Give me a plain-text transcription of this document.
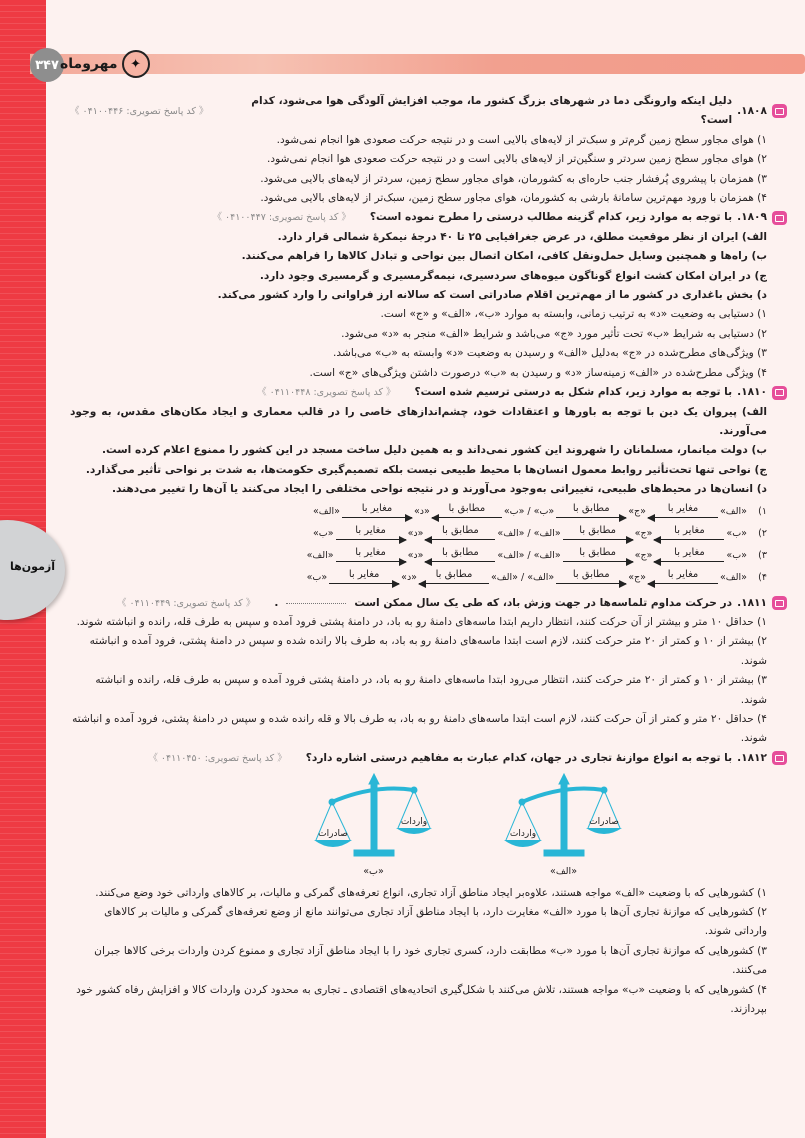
۳۴۷	✦
مهروماه
آزمون‌ها
۱۸۰۸.
دلیل اینکه وارونگی دما در شهرهای بزرگ کشور ما، موجب افزایش آلودگی هوا می‌شود، کدام است؟
《 کد پاسخ تصویری: ۰۴۱۰۰۴۴۶ 》
۱) هوای مجاور سطح زمین گرم‌تر و سبک‌تر از لایه‌های بالایی است و در نتیجه حرکت صعودی هوا انجام نمی‌شود.
۲) هوای مجاور سطح زمین سردتر و سنگین‌تر از لایه‌های بالایی است و در نتیجه حرکت صعودی هوا انجام نمی‌شود.
۳) همزمان با پیشروی پُرفشار جنب حاره‌ای به کشورمان، هوای مجاور سطح زمین، سردتر از لایه‌های بالایی می‌شود.
۴) همزمان با ورود مهم‌ترین سامانهٔ بارشی به کشورمان، هوای مجاور سطح زمین، سبک‌تر از لایه‌های بالایی می‌شود.
۱۸۰۹.
با توجه به موارد زیر، کدام گزینه مطالب درستی را مطرح نموده است؟
《 کد پاسخ تصویری: ۰۴۱۰۰۴۴۷ 》
الف) ایران از نظر موقعیت مطلق، در عرض جغرافیایی ۲۵ تا ۴۰ درجهٔ نیمکرهٔ شمالی قرار دارد.
ب) راه‌ها و همچنین وسایل حمل‌ونقل کافی، امکان اتصال بین نواحی و تبادل کالاها را فراهم می‌کنند.
ج) در ایران امکان کشت انواع گوناگون میوه‌های سردسیری، نیمه‌گرمسیری و گرمسیری وجود دارد.
د) بخش باغداری در کشور ما از مهم‌ترین اقلام صادراتی است که سالانه ارز فراوانی را وارد کشور می‌کند.
۱) دستیابی به وضعیت «د» به ترتیب زمانی، وابسته به موارد «ب»، «الف» و «ج» است.
۲) دستیابی به شرایط «ب» تحت تأثیر مورد «ج» می‌باشد و شرایط «الف» منجر به «د» می‌شود.
۳) ویژگی‌های مطرح‌شده در «ج» به‌دلیل «الف» و رسیدن به وضعیت «د» وابسته به «ب» می‌باشد.
۴) ویژگی مطرح‌شده در «الف» زمینه‌ساز «د» و رسیدن به «ب» درصورت داشتن ویژگی‌های «ج» است.
۱۸۱۰.
با توجه به موارد زیر، کدام شکل به درستی ترسیم شده است؟
《 کد پاسخ تصویری: ۰۴۱۱۰۴۴۸ 》
الف) پیروان یک دین با توجه به باورها و اعتقادات خود، چشم‌اندازهای خاصی را در قالب معماری و ایجاد مکان‌های مقدس، به وجود می‌آورند.
ب) دولت میانمار، مسلمانان را شهروند این کشور نمی‌داند و به همین دلیل ساخت مسجد در این کشور را ممنوع اعلام کرده است.
ج) نواحی تنها تحت‌تأثیر روابط معمول انسان‌ها با محیط طبیعی نیست بلکه تصمیم‌گیری حکومت‌ها، به شدت بر نواحی تأثیر می‌گذارد.
د) انسان‌ها در محیط‌های طبیعی، تغییراتی به‌وجود می‌آورند و در نتیجه نواحی مختلفی را ایجاد می‌کنند یا آن‌ها را تغییر می‌دهند.
۱)
«الف»
مغایر با
«ج»
مطابق با
«ب» / «ب»
مطابق با
«د»
مغایر با
«الف»
۲)
«ب»
مغایر با
«ج»
مطابق با
«الف» / «الف»
مطابق با
«د»
مغایر با
«ب»
۳)
«ب»
مغایر با
«ج»
مطابق با
«الف» / «الف»
مطابق با
«د»
مغایر با
«الف»
۴)
«الف»
مغایر با
«ج»
مطابق با
«الف» / «الف»
مطابق با
«د»
مغایر با
«ب»
۱۸۱۱.
در حرکت مداوم تلماسه‌ها در جهت وزش باد، که طی یک سال ممکن است
.
《 کد پاسخ تصویری: ۰۴۱۱۰۴۴۹ 》
۱) حداقل ۱۰ متر و بیشتر از آن حرکت کنند، انتظار داریم ابتدا ماسه‌های دامنهٔ رو به باد، در دامنهٔ پشتی فرود آمده و سپس به طرف قله، رانده و انباشته شوند.
۲) بیشتر از ۱۰ و کمتر از ۲۰ متر حرکت کنند، لازم است ابتدا ماسه‌های دامنهٔ رو به باد، به طرف بالا رانده شده و سپس در دامنهٔ پشتی، فرود آمده و انباشته شوند.
۳) بیشتر از ۱۰ و کمتر از ۲۰ متر حرکت کنند، انتظار می‌رود ابتدا ماسه‌های دامنهٔ رو به باد، در دامنهٔ پشتی فرود آمده و سپس به طرف قله، رانده و انباشته شوند.
۴) حداقل ۲۰ متر و کمتر از آن حرکت کنند، لازم است ابتدا ماسه‌های دامنهٔ رو به باد، به طرف بالا و قله رانده شده و سپس در دامنهٔ پشتی، فرود آمده و انباشته شوند.
۱۸۱۲.
با توجه به انواع موازنهٔ تجاری در جهان، کدام عبارت به مفاهیم درستی اشاره دارد؟
《 کد پاسخ تصویری: ۰۴۱۱۰۴۵۰ 》
صادرات
واردات
«ب»
واردات
صادرات
«الف»
۱) کشورهایی که با وضعیت «الف» مواجه هستند، علاوه‌بر ایجاد مناطق آزاد تجاری، انواع تعرفه‌های گمرکی و مالیات، بر کالاهای وارداتی خود وضع می‌کنند.
۲) کشورهایی که موازنهٔ تجاری آن‌ها با مورد «الف» مغایرت دارد، با ایجاد مناطق آزاد تجاری می‌توانند مانع از وضع تعرفه‌های گمرکی و مالیات بر کالاهای وارداتی شوند.
۳) کشورهایی که موازنهٔ تجاری آن‌ها با مورد «ب» مطابقت دارد، کسری تجاری خود را با ایجاد مناطق آزاد تجاری و ممنوع کردن واردات برخی کالاها جبران می‌کنند.
۴) کشورهایی که با وضعیت «ب» مواجه هستند، تلاش می‌کنند با شکل‌گیری اتحادیه‌های اقتصادی ـ تجاری به محدود کردن واردات کالا و افزایش رفاه کشور خود بپردازند.
